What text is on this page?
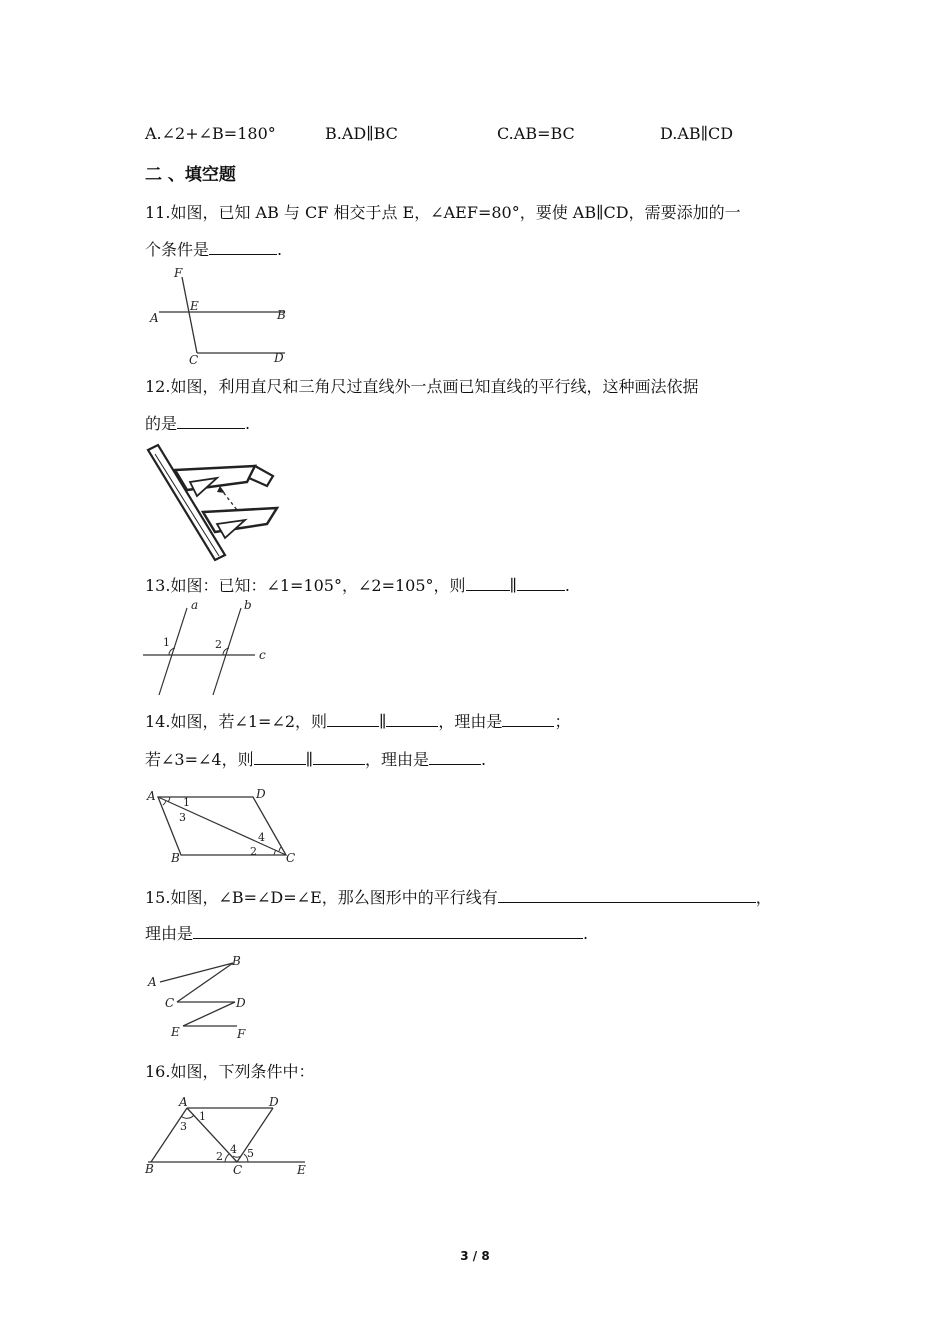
A.∠2+∠B=180°	B.AD∥BC	C.AB=BC	D.AB∥CD
二 、填空题
11.如图，已知 AB 与 CF 相交于点 E，∠AEF=80°，要使 AB∥CD，需要添加的一
个条件是	.
F
E
A	B
C	D
12.如图，利用直尺和三角尺过直线外一点画已知直线的平行线，这种画法依据
的是	.
13.如图：已知：∠1=105°，∠2=105°，则	∥	.
a	b
c
1	2
14.如图，若∠1=∠2，则	∥	，理由是	；
若∠3=∠4，则	∥	，理由是	.
A	D
B	C
1
3
4
2
15.如图，∠B=∠D=∠E，那么图形中的平行线有	，
理由是	.
A
B
C	D
E	F
16.如图，下列条件中：
A	D
B	C	E
1
3
4
2 5
3 / 8
